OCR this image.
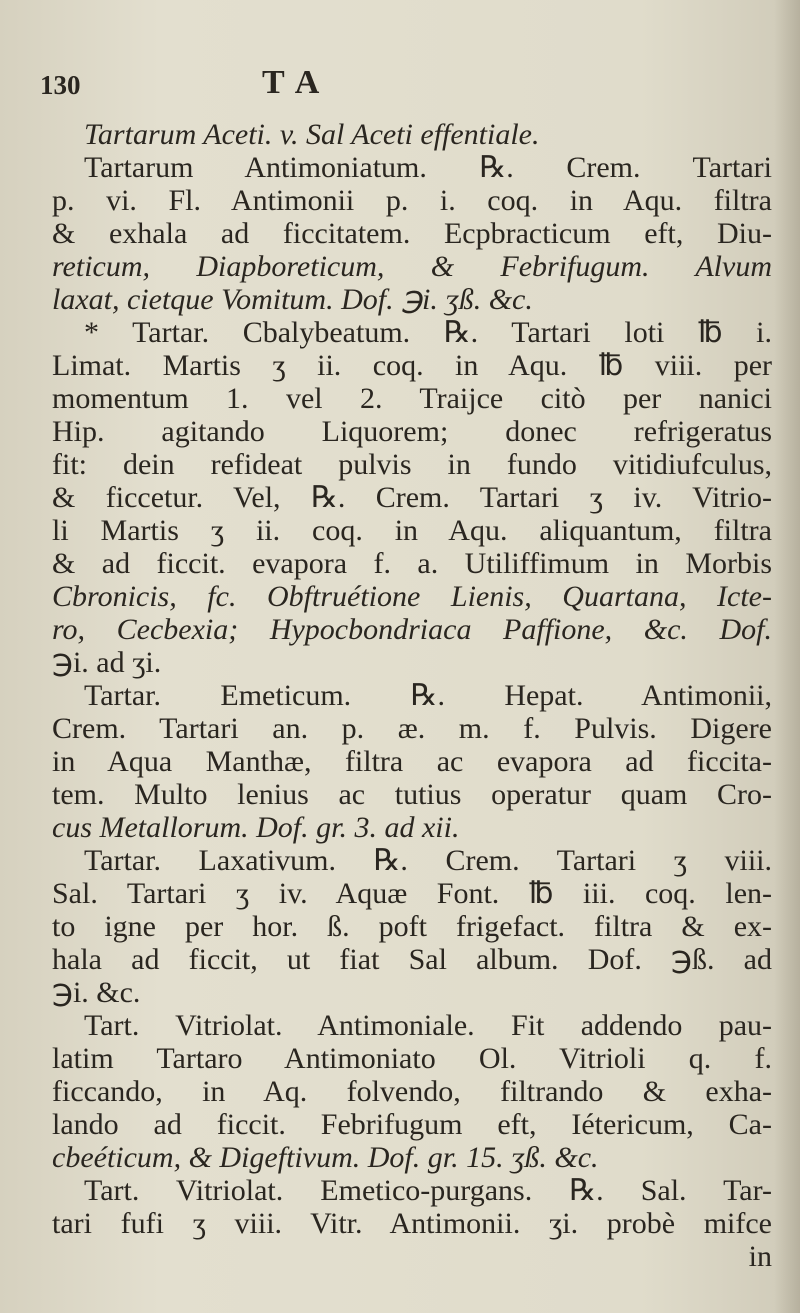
130	T A
Tartarum Aceti. v. Sal Aceti effentiale.
Tartarum Antimoniatum. ℞. Crem. Tartari
p. vi. Fl. Antimonii p. i. coq. in Aqu. filtra
& exhala ad ficcitatem. Ecpbracticum eft, Diu-
reticum, Diapboreticum, & Febrifugum. Alvum
laxat, cietque Vomitum. Dof. ℈i. ʒß. &c.
* Tartar. Cbalybeatum. ℞. Tartari loti ℔ i.
Limat. Martis ʒ ii. coq. in Aqu. ℔ viii. per
momentum 1. vel 2. Traijce citò per nanici
Hip. agitando Liquorem; donec refrigeratus
fit: dein refideat pulvis in fundo vitidiufculus,
& ficcetur. Vel, ℞. Crem. Tartari ʒ iv. Vitrio-
li Martis ʒ ii. coq. in Aqu. aliquantum, filtra
& ad ficcit. evapora f. a. Utiliffimum in Morbis
Cbronicis, fc. Obftruétione Lienis, Quartana, Icte-
ro, Cecbexia; Hypocbondriaca Paffione, &c. Dof.
℈i. ad ʒi.
Tartar. Emeticum. ℞. Hepat. Antimonii,
Crem. Tartari an. p. æ. m. f. Pulvis. Digere
in Aqua Manthæ, filtra ac evapora ad ficcita-
tem. Multo lenius ac tutius operatur quam Cro-
cus Metallorum. Dof. gr. 3. ad xii.
Tartar. Laxativum. ℞. Crem. Tartari ʒ viii.
Sal. Tartari ʒ iv. Aquæ Font. ℔ iii. coq. len-
to igne per hor. ß. poft frigefact. filtra & ex-
hala ad ficcit, ut fiat Sal album. Dof. ℈ß. ad
℈i. &c.
Tart. Vitriolat. Antimoniale. Fit addendo pau-
latim Tartaro Antimoniato Ol. Vitrioli q. f.
ficcando, in Aq. folvendo, filtrando & exha-
lando ad ficcit. Febrifugum eft, Iétericum, Ca-
cbeéticum, & Digeftivum. Dof. gr. 15. ʒß. &c.
Tart. Vitriolat. Emetico-purgans. ℞. Sal. Tar-
tari fufi ʒ viii. Vitr. Antimonii. ʒi. probè mifce
in
